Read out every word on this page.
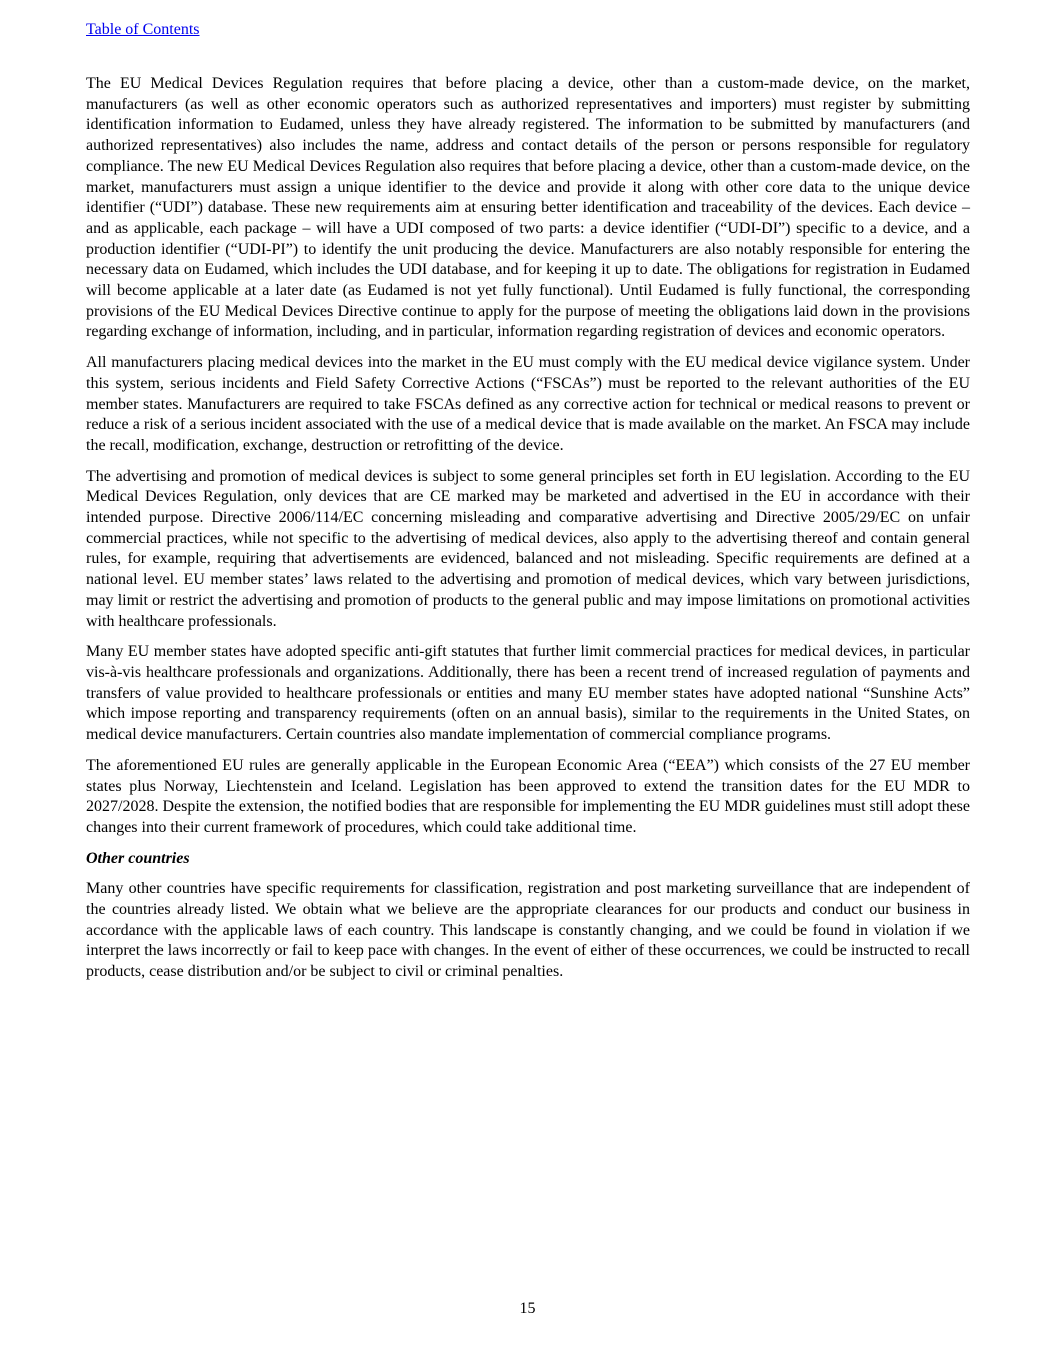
Table of Contents

The EU Medical Devices Regulation requires that before placing a device, other than a custom-made device, on the market, manufacturers (as well as other economic operators such as authorized representatives and importers) must register by submitting identification information to Eudamed, unless they have already registered. The information to be submitted by manufacturers (and authorized representatives) also includes the name, address and contact details of the person or persons responsible for regulatory compliance. The new EU Medical Devices Regulation also requires that before placing a device, other than a custom-made device, on the market, manufacturers must assign a unique identifier to the device and provide it along with other core data to the unique device identifier (“UDI”) database. These new requirements aim at ensuring better identification and traceability of the devices. Each device – and as applicable, each package – will have a UDI composed of two parts: a device identifier (“UDI-DI”) specific to a device, and a production identifier (“UDI-PI”) to identify the unit producing the device. Manufacturers are also notably responsible for entering the necessary data on Eudamed, which includes the UDI database, and for keeping it up to date. The obligations for registration in Eudamed will become applicable at a later date (as Eudamed is not yet fully functional). Until Eudamed is fully functional, the corresponding provisions of the EU Medical Devices Directive continue to apply for the purpose of meeting the obligations laid down in the provisions regarding exchange of information, including, and in particular, information regarding registration of devices and economic operators.

All manufacturers placing medical devices into the market in the EU must comply with the EU medical device vigilance system. Under this system, serious incidents and Field Safety Corrective Actions (“FSCAs”) must be reported to the relevant authorities of the EU member states. Manufacturers are required to take FSCAs defined as any corrective action for technical or medical reasons to prevent or reduce a risk of a serious incident associated with the use of a medical device that is made available on the market. An FSCA may include the recall, modification, exchange, destruction or retrofitting of the device.

The advertising and promotion of medical devices is subject to some general principles set forth in EU legislation. According to the EU Medical Devices Regulation, only devices that are CE marked may be marketed and advertised in the EU in accordance with their intended purpose. Directive 2006/114/EC concerning misleading and comparative advertising and Directive 2005/29/EC on unfair commercial practices, while not specific to the advertising of medical devices, also apply to the advertising thereof and contain general rules, for example, requiring that advertisements are evidenced, balanced and not misleading. Specific requirements are defined at a national level. EU member states’ laws related to the advertising and promotion of medical devices, which vary between jurisdictions, may limit or restrict the advertising and promotion of products to the general public and may impose limitations on promotional activities with healthcare professionals.

Many EU member states have adopted specific anti-gift statutes that further limit commercial practices for medical devices, in particular vis-à-vis healthcare professionals and organizations. Additionally, there has been a recent trend of increased regulation of payments and transfers of value provided to healthcare professionals or entities and many EU member states have adopted national “Sunshine Acts” which impose reporting and transparency requirements (often on an annual basis), similar to the requirements in the United States, on medical device manufacturers. Certain countries also mandate implementation of commercial compliance programs.

The aforementioned EU rules are generally applicable in the European Economic Area (“EEA”) which consists of the 27 EU member states plus Norway, Liechtenstein and Iceland. Legislation has been approved to extend the transition dates for the EU MDR to 2027/2028. Despite the extension, the notified bodies that are responsible for implementing the EU MDR guidelines must still adopt these changes into their current framework of procedures, which could take additional time.

Other countries

Many other countries have specific requirements for classification, registration and post marketing surveillance that are independent of the countries already listed. We obtain what we believe are the appropriate clearances for our products and conduct our business in accordance with the applicable laws of each country. This landscape is constantly changing, and we could be found in violation if we interpret the laws incorrectly or fail to keep pace with changes. In the event of either of these occurrences, we could be instructed to recall products, cease distribution and/or be subject to civil or criminal penalties.

15
